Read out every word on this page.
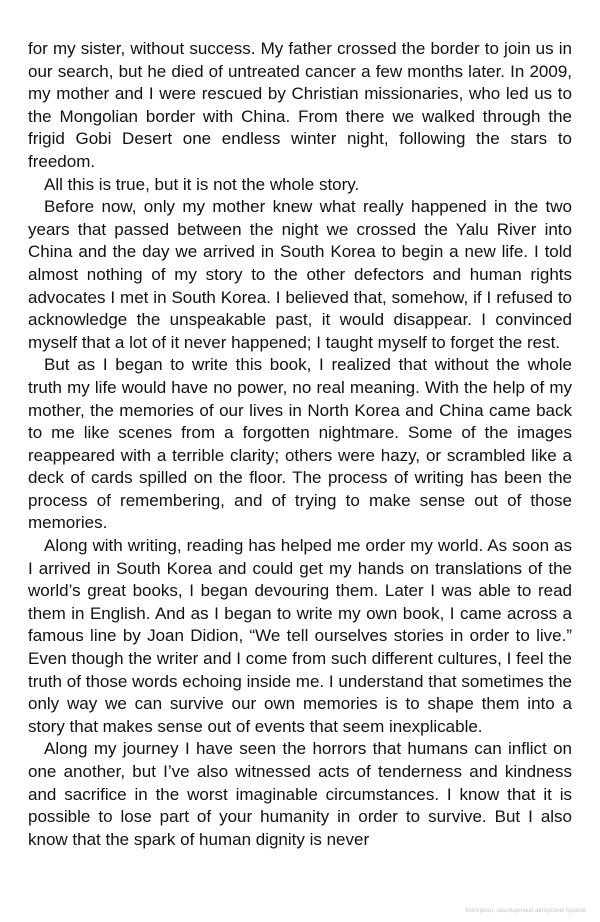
for my sister, without success. My father crossed the border to join us in our search, but he died of untreated cancer a few months later. In 2009, my mother and I were rescued by Christian missionaries, who led us to the Mongolian border with China. From there we walked through the frigid Gobi Desert one endless winter night, following the stars to freedom.

All this is true, but it is not the whole story.

Before now, only my mother knew what really happened in the two years that passed between the night we crossed the Yalu River into China and the day we arrived in South Korea to begin a new life. I told almost nothing of my story to the other defectors and human rights advocates I met in South Korea. I believed that, somehow, if I refused to acknowledge the unspeakable past, it would disappear. I convinced myself that a lot of it never happened; I taught myself to forget the rest.

But as I began to write this book, I realized that without the whole truth my life would have no power, no real meaning. With the help of my mother, the memories of our lives in North Korea and China came back to me like scenes from a forgotten nightmare. Some of the images reappeared with a terrible clarity; others were hazy, or scrambled like a deck of cards spilled on the floor. The process of writing has been the process of remembering, and of trying to make sense out of those memories.

Along with writing, reading has helped me order my world. As soon as I arrived in South Korea and could get my hands on translations of the world’s great books, I began devouring them. Later I was able to read them in English. And as I began to write my own book, I came across a famous line by Joan Didion, “We tell ourselves stories in order to live.” Even though the writer and I come from such different cultures, I feel the truth of those words echoing inside me. I understand that sometimes the only way we can survive our own memories is to shape them into a story that makes sense out of events that seem inexplicable.

Along my journey I have seen the horrors that humans can inflict on one another, but I’ve also witnessed acts of tenderness and kindness and sacrifice in the worst imaginable circumstances. I know that it is possible to lose part of your humanity in order to survive. But I also know that the spark of human dignity is never

Материал, защищенный авторским правом
